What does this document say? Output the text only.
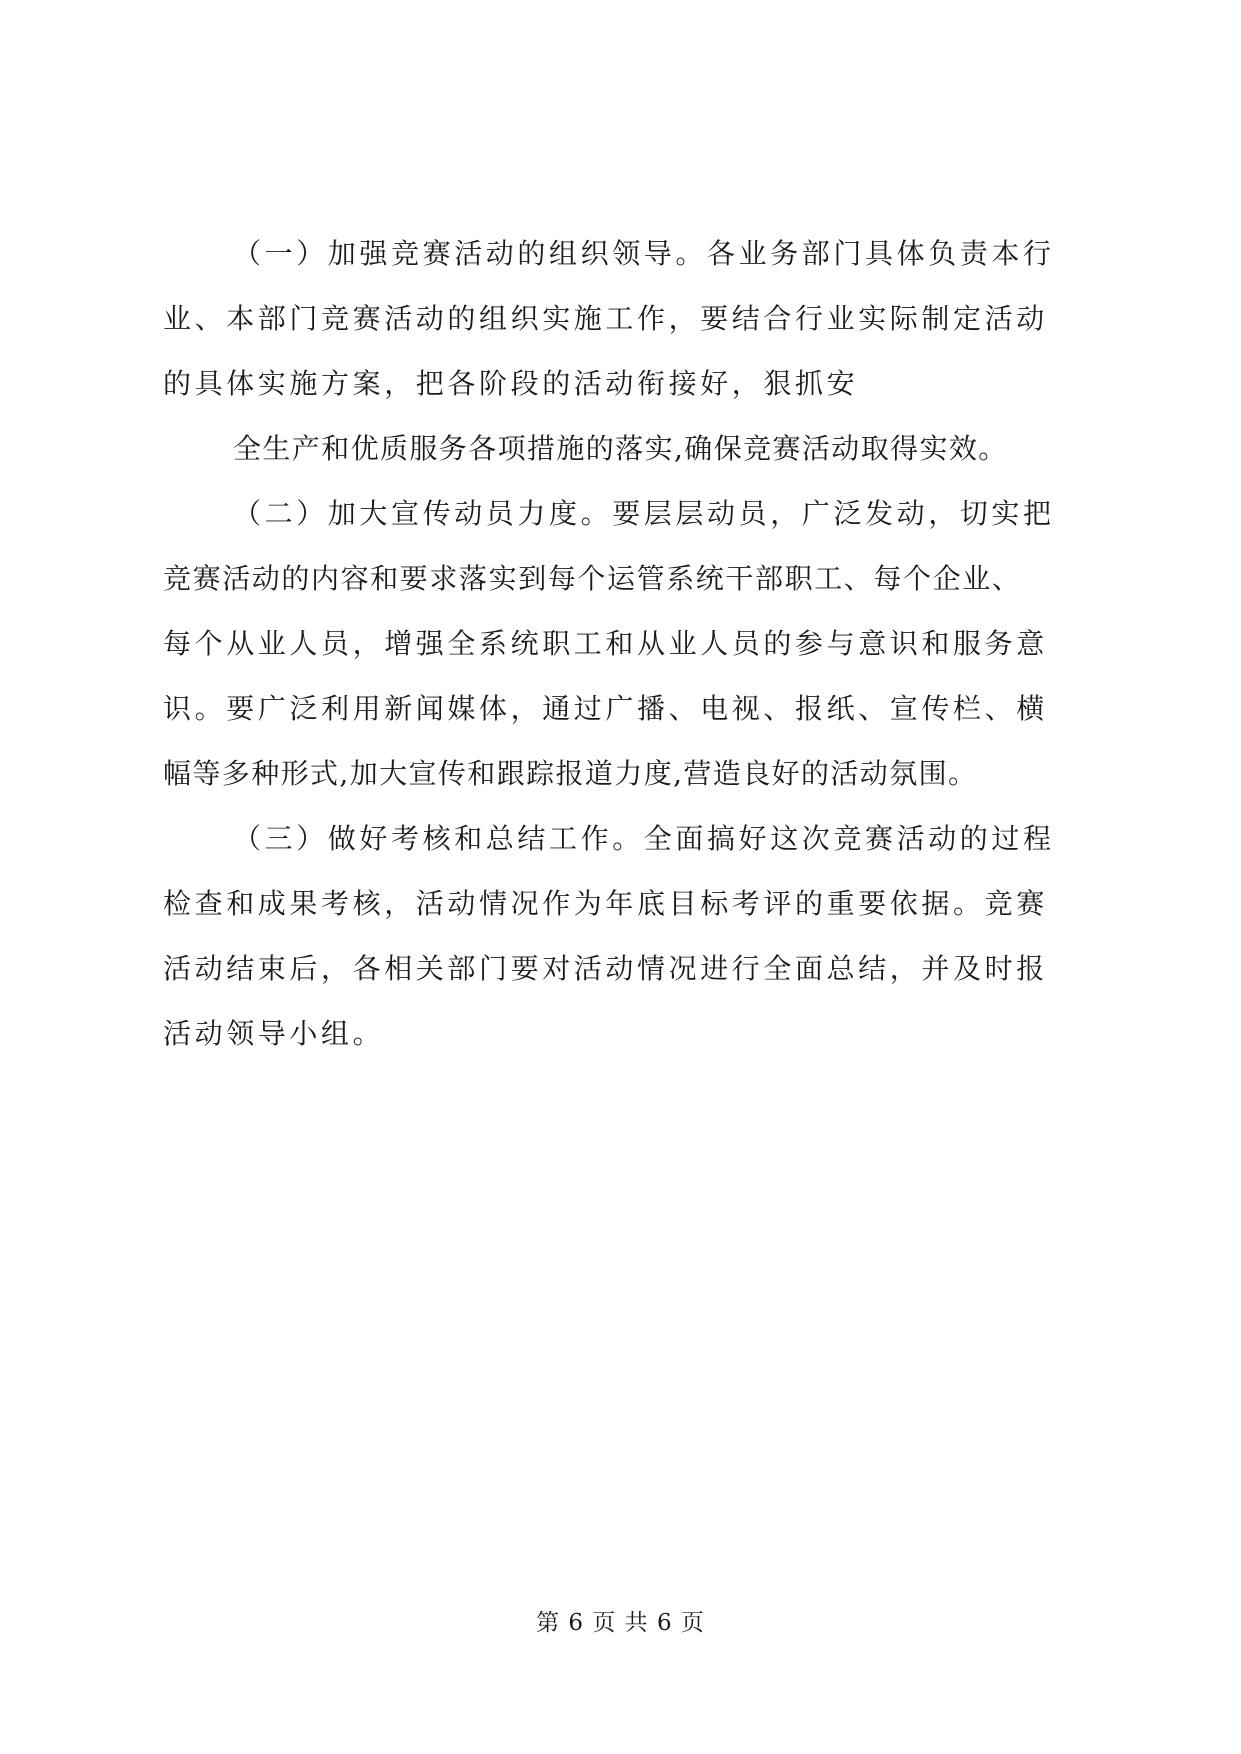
（一）加强竞赛活动的组织领导。各业务部门具体负责本行
业、本部门竞赛活动的组织实施工作，要结合行业实际制定活动
的具体实施方案，把各阶段的活动衔接好，狠抓安
全生产和优质服务各项措施的落实,确保竞赛活动取得实效。
（二）加大宣传动员力度。要层层动员，广泛发动，切实把
竞赛活动的内容和要求落实到每个运管系统干部职工、每个企业、
每个从业人员，增强全系统职工和从业人员的参与意识和服务意
识。要广泛利用新闻媒体，通过广播、电视、报纸、宣传栏、横
幅等多种形式,加大宣传和跟踪报道力度,营造良好的活动氛围。
（三）做好考核和总结工作。全面搞好这次竞赛活动的过程
检查和成果考核，活动情况作为年底目标考评的重要依据。竞赛
活动结束后，各相关部门要对活动情况进行全面总结，并及时报
活动领导小组。
第 6 页 共 6 页
